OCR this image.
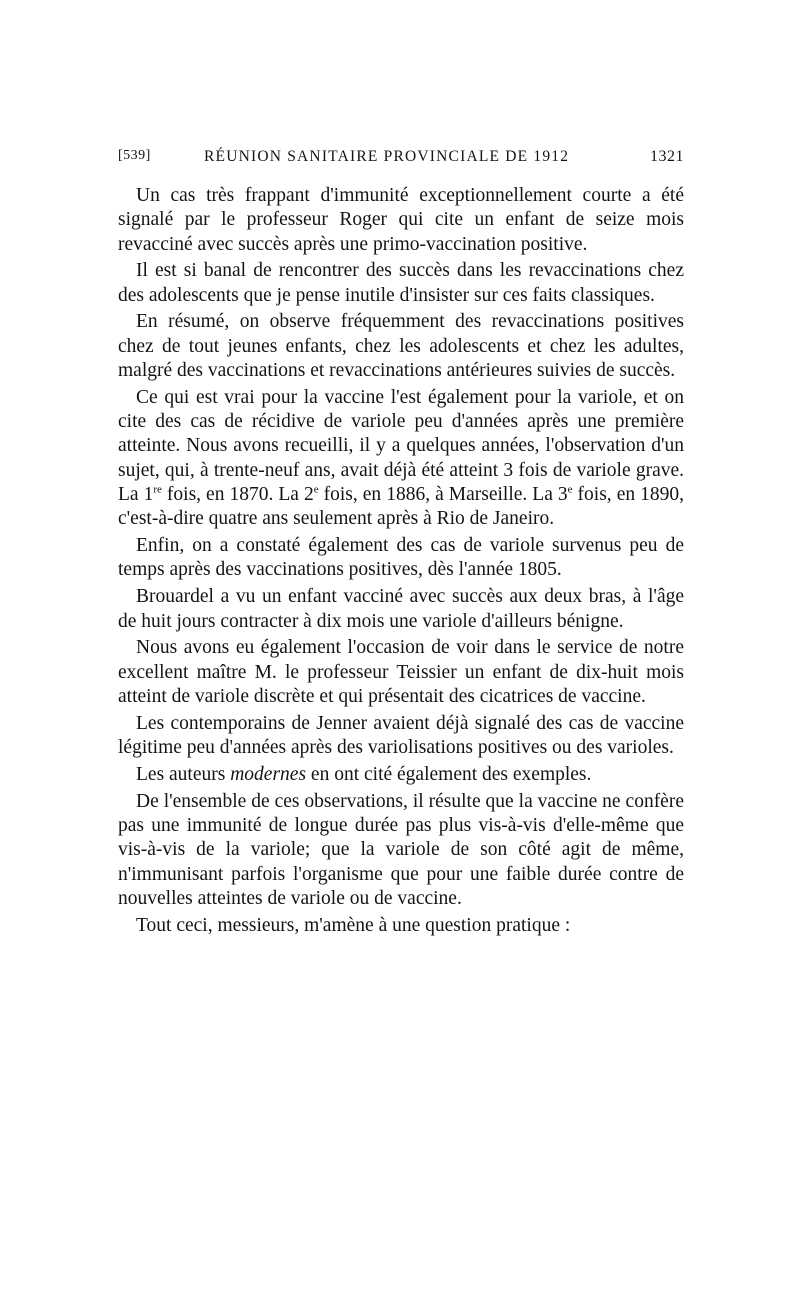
[539]	RÉUNION SANITAIRE PROVINCIALE DE 1912	1321

Un cas très frappant d'immunité exceptionnellement courte a été signalé par le professeur Roger qui cite un enfant de seize mois revacciné avec succès après une primo-vaccination positive.

Il est si banal de rencontrer des succès dans les revaccinations chez des adolescents que je pense inutile d'insister sur ces faits classiques.

En résumé, on observe fréquemment des revaccinations positives chez de tout jeunes enfants, chez les adolescents et chez les adultes, malgré des vaccinations et revaccinations antérieures suivies de succès.

Ce qui est vrai pour la vaccine l'est également pour la variole, et on cite des cas de récidive de variole peu d'années après une première atteinte. Nous avons recueilli, il y a quelques années, l'observation d'un sujet, qui, à trente-neuf ans, avait déjà été atteint 3 fois de variole grave. La 1re fois, en 1870. La 2e fois, en 1886, à Marseille. La 3e fois, en 1890, c'est-à-dire quatre ans seulement après à Rio de Janeiro.

Enfin, on a constaté également des cas de variole survenus peu de temps après des vaccinations positives, dès l'année 1805.

Brouardel a vu un enfant vacciné avec succès aux deux bras, à l'âge de huit jours contracter à dix mois une variole d'ailleurs bénigne.

Nous avons eu également l'occasion de voir dans le service de notre excellent maître M. le professeur Teissier un enfant de dix-huit mois atteint de variole discrète et qui présentait des cicatrices de vaccine.

Les contemporains de Jenner avaient déjà signalé des cas de vaccine légitime peu d'années après des variolisations positives ou des varioles.

Les auteurs modernes en ont cité également des exemples.

De l'ensemble de ces observations, il résulte que la vaccine ne confère pas une immunité de longue durée pas plus vis-à-vis d'elle-même que vis-à-vis de la variole; que la variole de son côté agit de même, n'immunisant parfois l'organisme que pour une faible durée contre de nouvelles atteintes de variole ou de vaccine.

Tout ceci, messieurs, m'amène à une question pratique :
